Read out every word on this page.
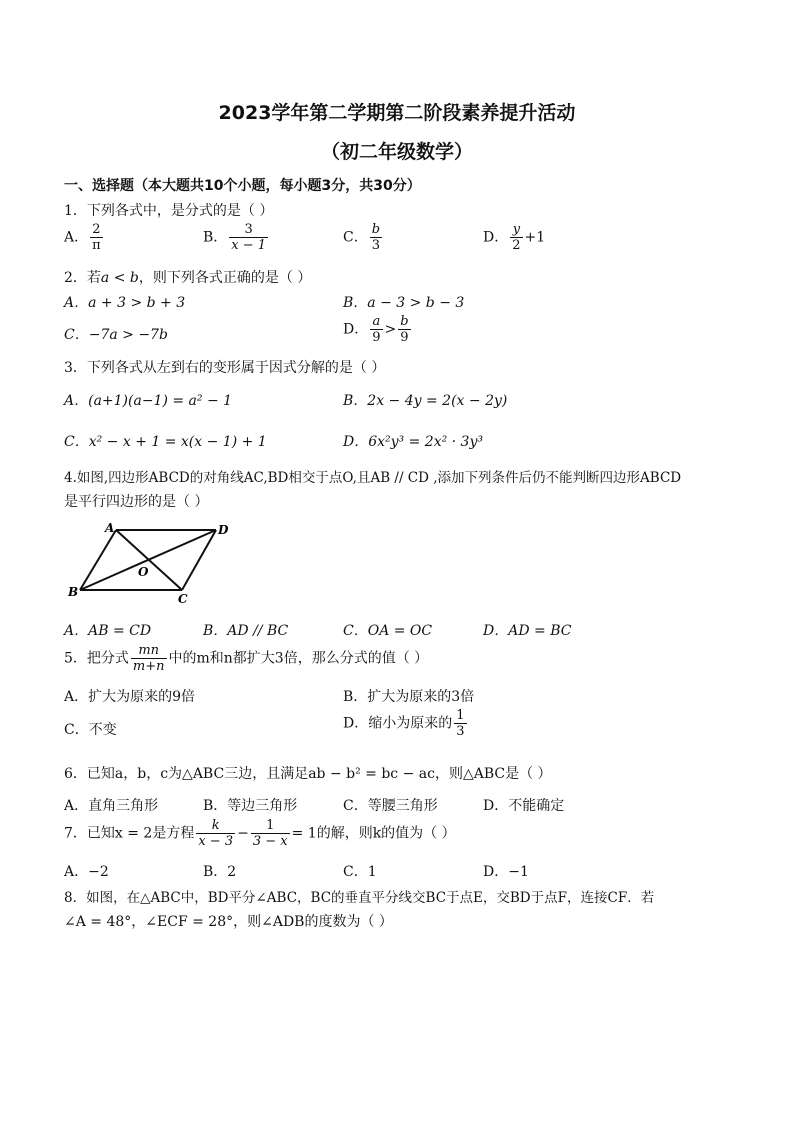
2023学年第二学期第二阶段素养提升活动
（初二年级数学）
一、选择题（本大题共10个小题，每小题3分，共30分）
1．下列各式中，是分式的是（ ）
A． $\frac{2}{\pi}$	B． $\frac{3}{x - 1}$	C． $\frac{b}{3}$	D． $\frac{y}{2} +1$
2．若a < b，则下列各式正确的是（ ）
A．a + 3 > b + 3	B．a − 3 > b − 3
C．−7a > −7b	D． $\frac{a}{9} > \frac{b}{9}$
3．下列各式从左到右的变形属于因式分解的是（ ）
A．(a+1)(a−1) = a² − 1	B．2x − 4y = 2(x − 2y)
C．x² − x + 1 = x(x − 1) + 1	D．6x²y³ = 2x² · 3y³
4.如图,四边形ABCD的对角线AC,BD相交于点O,且AB // CD ,添加下列条件后仍不能判断四边形ABCD
是平行四边形的是（ ）
A	D
B	C
O
A．AB = CD	B．AD // BC	C．OA = OC	D．AD = BC
5．把分式 $\frac{mn}{m+n}$ 中的m和n都扩大3倍，那么分式的值（ ）
A．扩大为原来的9倍	B．扩大为原来的3倍
C．不变	D．缩小为原来的 $\frac{1}{3}$
6．已知a，b，c为△ABC三边，且满足ab − b² = bc − ac，则△ABC是（ ）
A．直角三角形	B．等边三角形	C．等腰三角形	D．不能确定
7．已知x = 2是方程 $\frac{k}{x - 3} - \frac{1}{3 - x} = 1$的解，则k的值为（ ）
A．−2	B．2	C．1	D．−1
8．如图，在△ABC中，BD平分∠ABC，BC的垂直平分线交BC于点E，交BD于点F，连接CF．若
∠A = 48°，∠ECF = 28°，则∠ADB的度数为（ ）
